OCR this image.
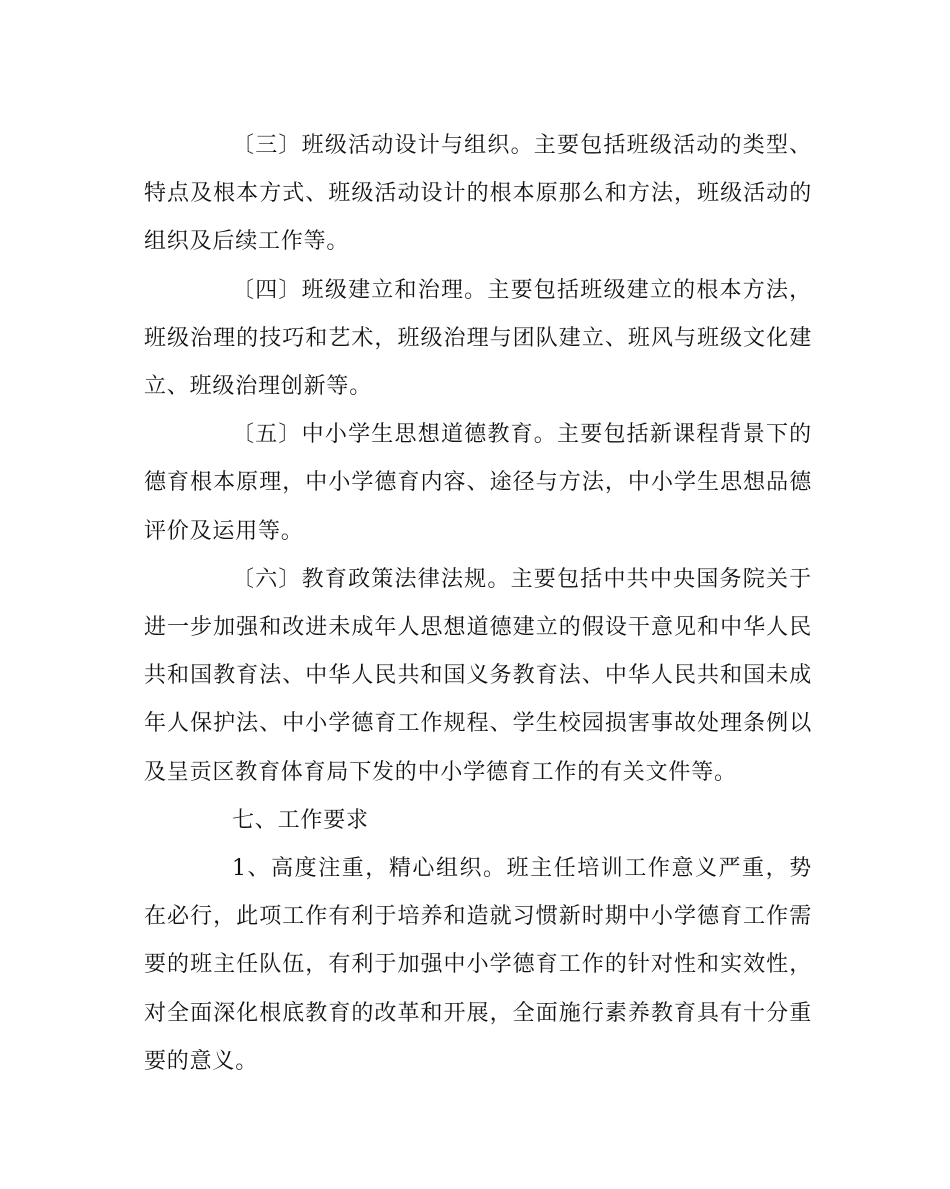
〔三〕班级活动设计与组织。主要包括班级活动的类型、特点及根本方式、班级活动设计的根本原那么和方法，班级活动的组织及后续工作等。

〔四〕班级建立和治理。主要包括班级建立的根本方法，班级治理的技巧和艺术，班级治理与团队建立、班风与班级文化建立、班级治理创新等。

〔五〕中小学生思想道德教育。主要包括新课程背景下的德育根本原理，中小学德育内容、途径与方法，中小学生思想品德评价及运用等。

〔六〕教育政策法律法规。主要包括中共中央国务院关于进一步加强和改进未成年人思想道德建立的假设干意见和中华人民共和国教育法、中华人民共和国义务教育法、中华人民共和国未成年人保护法、中小学德育工作规程、学生校园损害事故处理条例以及呈贡区教育体育局下发的中小学德育工作的有关文件等。

七、工作要求

1、高度注重，精心组织。班主任培训工作意义严重，势在必行，此项工作有利于培养和造就习惯新时期中小学德育工作需要的班主任队伍，有利于加强中小学德育工作的针对性和实效性，对全面深化根底教育的改革和开展，全面施行素养教育具有十分重要的意义。
